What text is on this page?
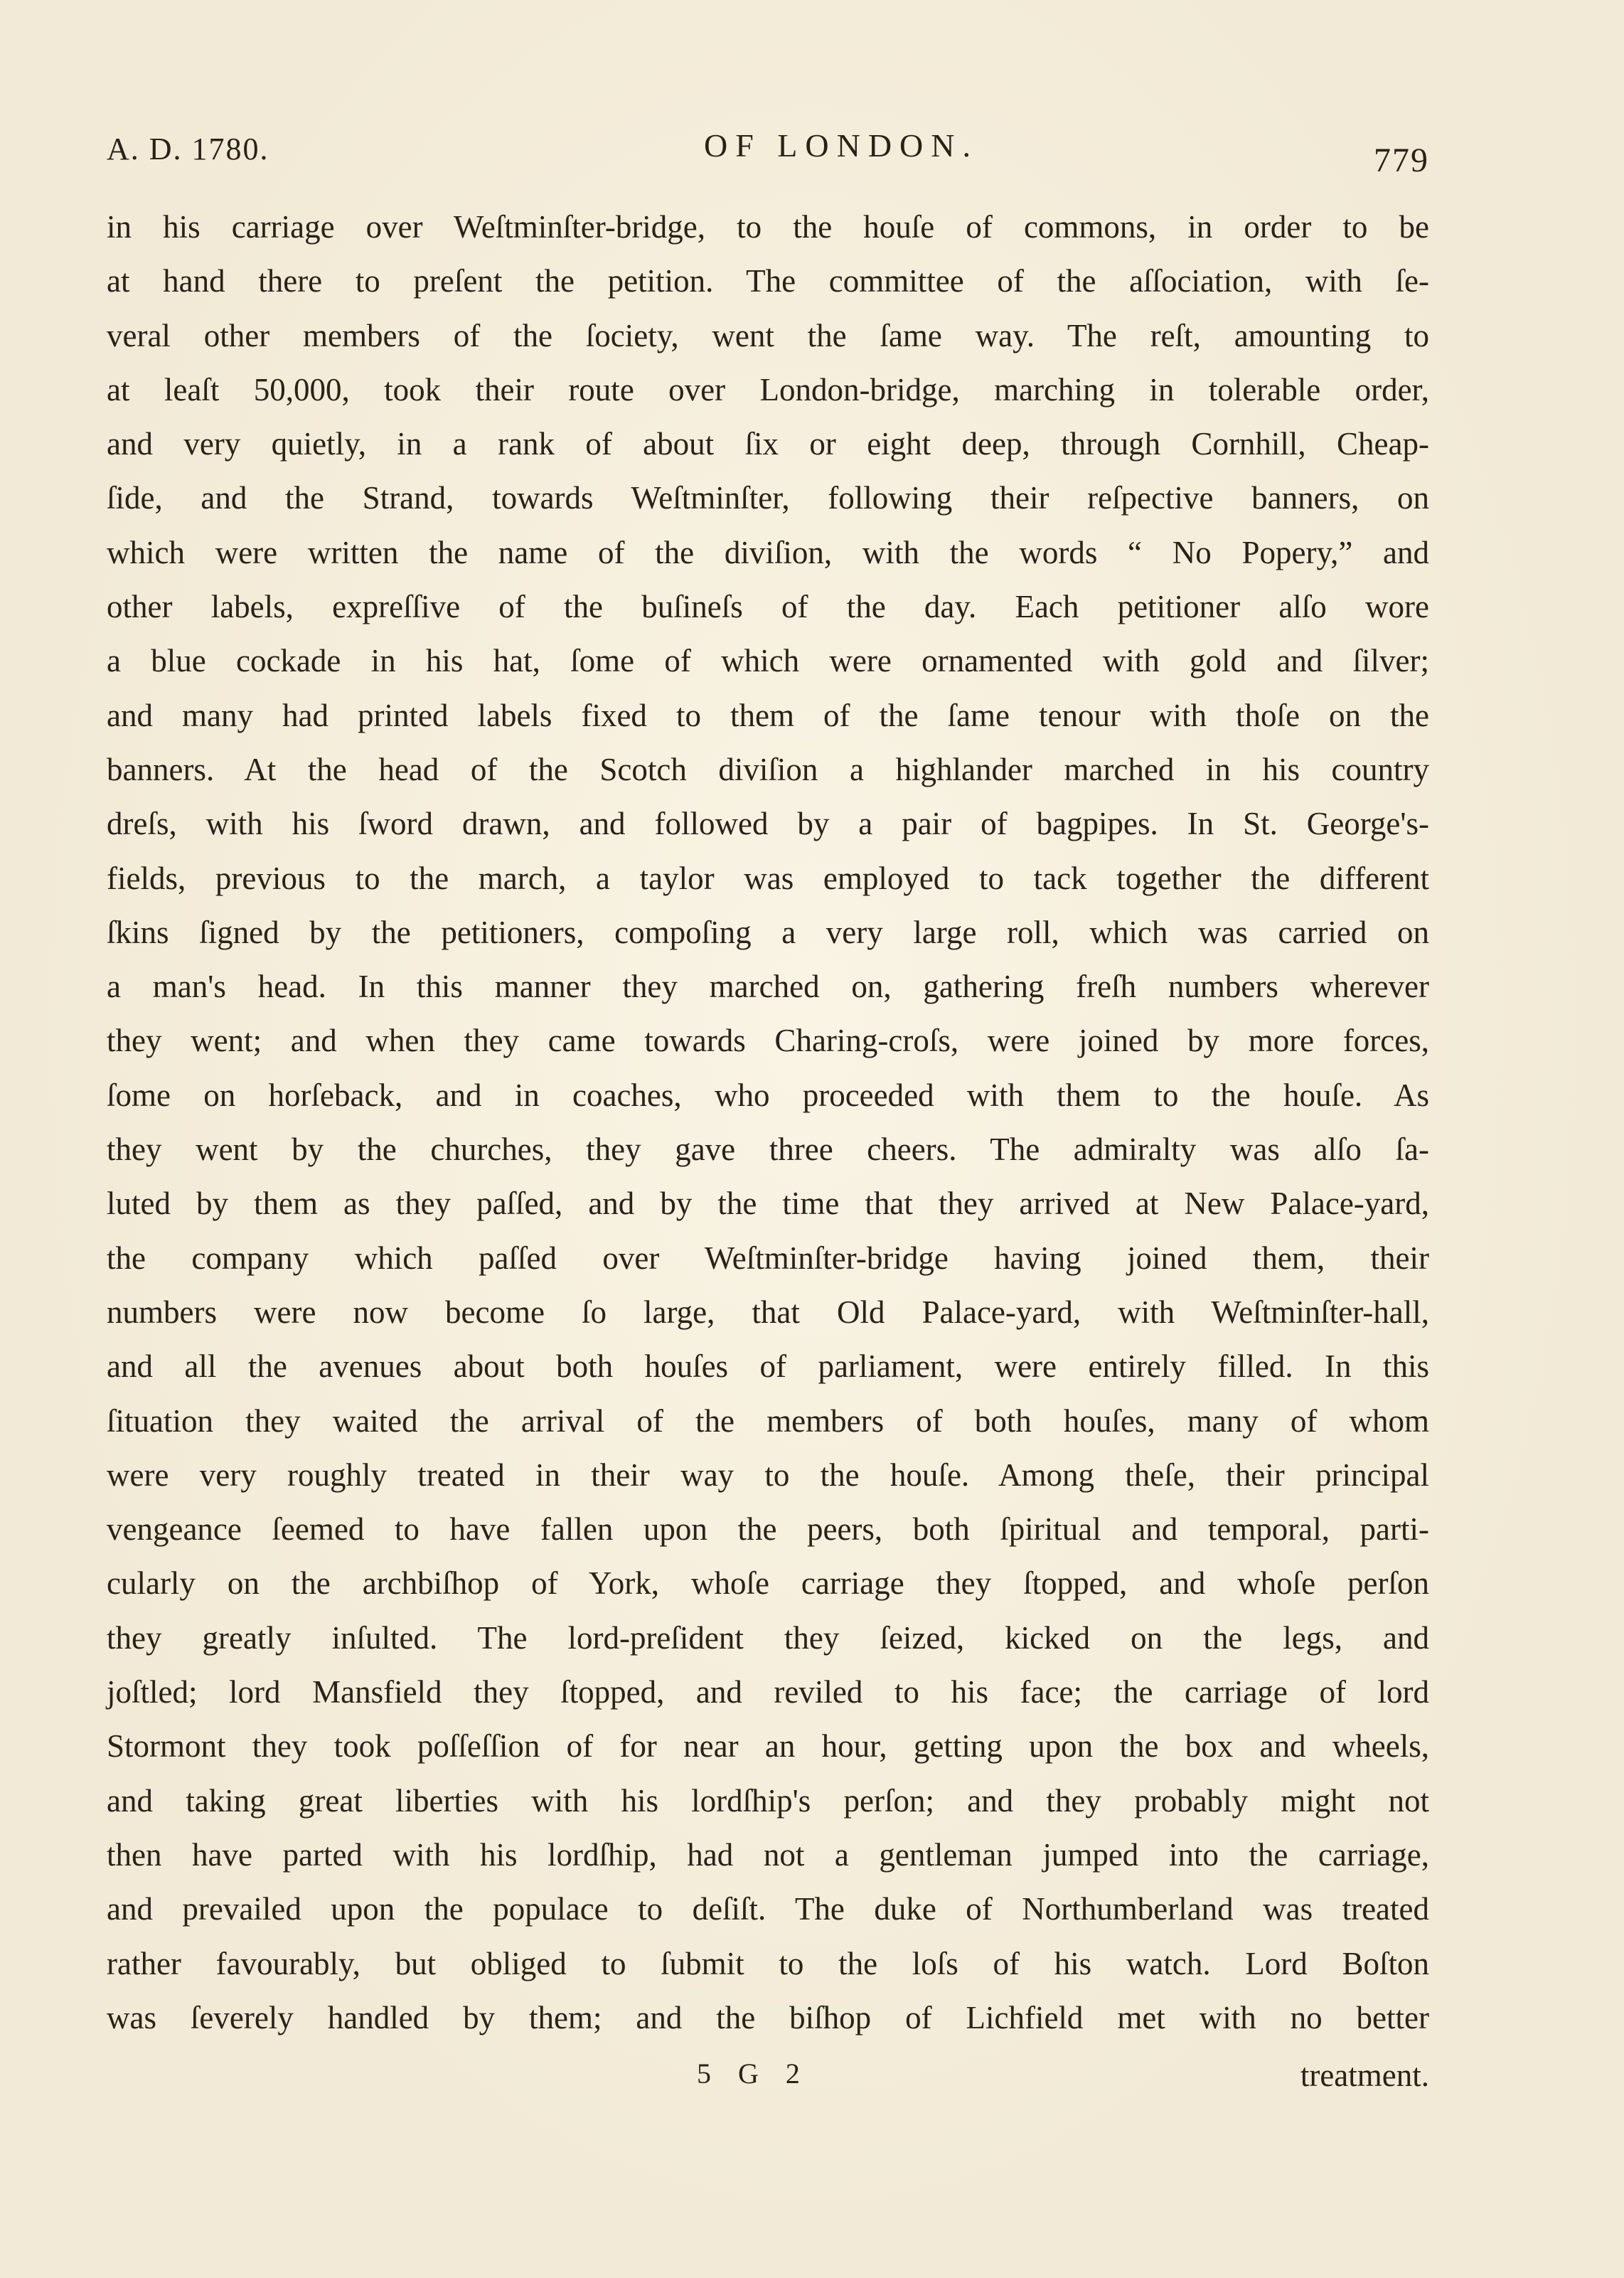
A. D. 1780.	OF LONDON.	779
in his carriage over Weſtminſter-bridge, to the houſe of commons, in order to be
at hand there to preſent the petition. The committee of the aſſociation, with ſe-
veral other members of the ſociety, went the ſame way. The reſt, amounting to
at leaſt 50,000, took their route over London-bridge, marching in tolerable order,
and very quietly, in a rank of about ſix or eight deep, through Cornhill, Cheap-
ſide, and the Strand, towards Weſtminſter, following their reſpective banners, on
which were written the name of the diviſion, with the words “ No Popery,” and
other labels, expreſſive of the buſineſs of the day. Each petitioner alſo wore
a blue cockade in his hat, ſome of which were ornamented with gold and ſilver;
and many had printed labels fixed to them of the ſame tenour with thoſe on the
banners. At the head of the Scotch diviſion a highlander marched in his country
dreſs, with his ſword drawn, and followed by a pair of bagpipes. In St. George's-
fields, previous to the march, a taylor was employed to tack together the different
ſkins ſigned by the petitioners, compoſing a very large roll, which was carried on
a man's head. In this manner they marched on, gathering freſh numbers wherever
they went; and when they came towards Charing-croſs, were joined by more forces,
ſome on horſeback, and in coaches, who proceeded with them to the houſe. As
they went by the churches, they gave three cheers. The admiralty was alſo ſa-
luted by them as they paſſed, and by the time that they arrived at New Palace-yard,
the company which paſſed over Weſtminſter-bridge having joined them, their
numbers were now become ſo large, that Old Palace-yard, with Weſtminſter-hall,
and all the avenues about both houſes of parliament, were entirely filled. In this
ſituation they waited the arrival of the members of both houſes, many of whom
were very roughly treated in their way to the houſe. Among theſe, their principal
vengeance ſeemed to have fallen upon the peers, both ſpiritual and temporal, parti-
cularly on the archbiſhop of York, whoſe carriage they ſtopped, and whoſe perſon
they greatly inſulted. The lord-preſident they ſeized, kicked on the legs, and
joſtled; lord Mansfield they ſtopped, and reviled to his face; the carriage of lord
Stormont they took poſſeſſion of for near an hour, getting upon the box and wheels,
and taking great liberties with his lordſhip's perſon; and they probably might not
then have parted with his lordſhip, had not a gentleman jumped into the carriage,
and prevailed upon the populace to deſiſt. The duke of Northumberland was treated
rather favourably, but obliged to ſubmit to the loſs of his watch. Lord Boſton
was ſeverely handled by them; and the biſhop of Lichfield met with no better
5 G 2	treatment.
